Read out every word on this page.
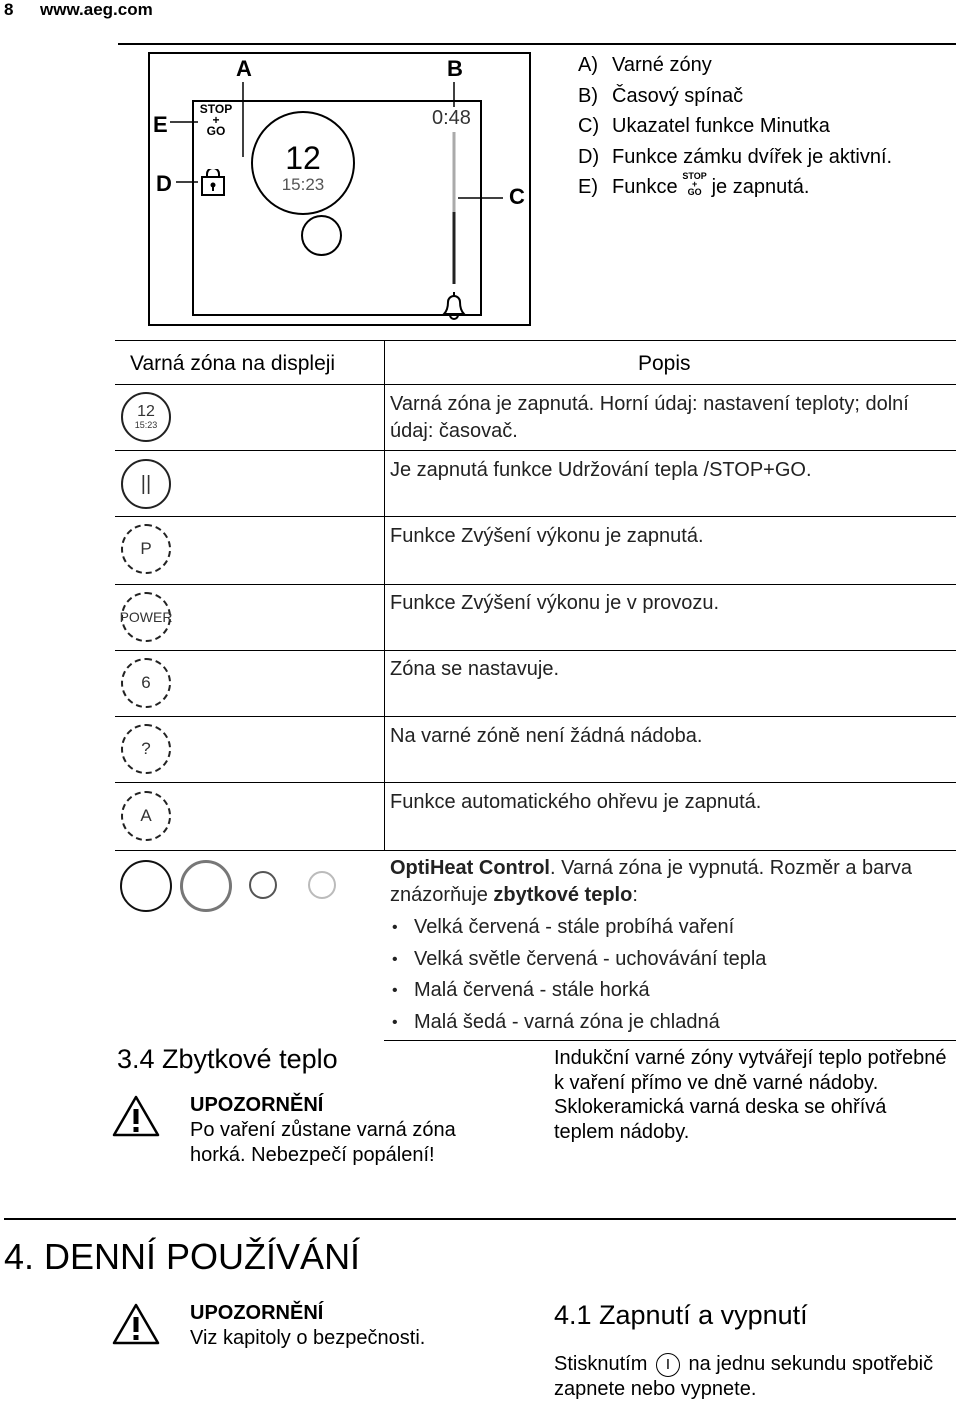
8 www.aeg.com
A	B
E
D
C
STOP
+
GO
12
15:23
0:48
A) Varné zóny
B) Časový spínač
C) Ukazatel funkce Minutka
D) Funkce zámku dvířek je aktivní.
E) Funkce STOP
+
GO je zapnutá.
Varná zóna na displeji	Popis
12
15:23
||
P
POWER
6
?
A
Varná zóna je zapnutá. Horní údaj: nastavení teploty; dolní údaj: časovač.
Je zapnutá funkce Udržování tepla /STOP+GO.
Funkce Zvýšení výkonu je zapnutá.
Funkce Zvýšení výkonu je v provozu.
Zóna se nastavuje.
Na varné zóně není žádná nádoba.
Funkce automatického ohřevu je zapnutá.
OptiHeat Control. Varná zóna je vypnutá. Rozměr a barva znázorňuje zbytkové teplo:
• Velká červená - stále probíhá vaření
• Velká světle červená - uchovávání tepla
• Malá červená - stále horká
• Malá šedá - varná zóna je chladná
3.4 Zbytkové teplo
UPOZORNĚNÍ
Po vaření zůstane varná zóna horká. Nebezpečí popálení!
Indukční varné zóny vytvářejí teplo potřebné k vaření přímo ve dně varné nádoby. Sklokeramická varná deska se ohřívá teplem nádoby.
4. DENNÍ POUŽÍVÁNÍ
UPOZORNĚNÍ
Viz kapitoly o bezpečnosti.
4.1 Zapnutí a vypnutí
Stisknutím I na jednu sekundu spotřebič zapnete nebo vypnete.
